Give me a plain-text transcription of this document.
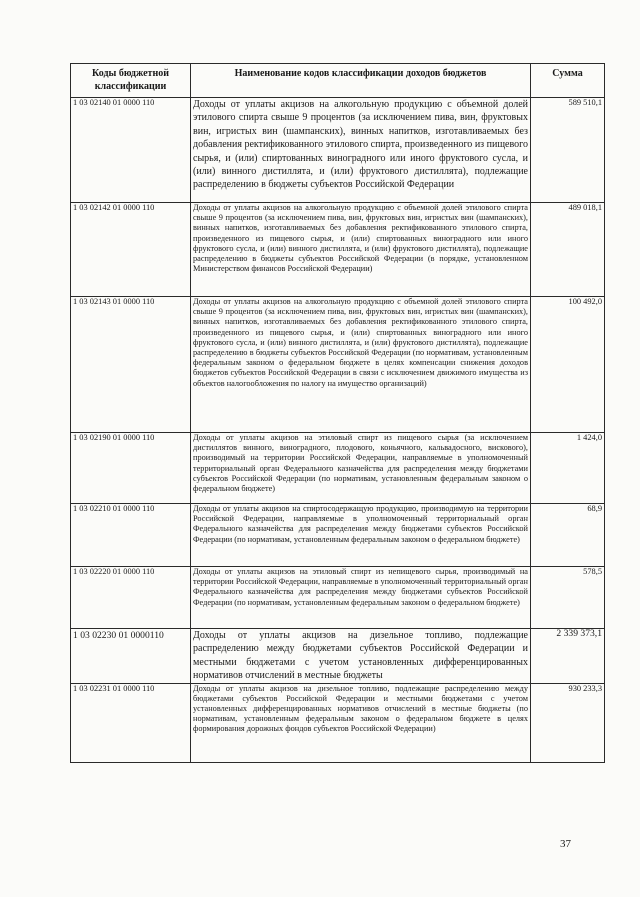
Коды бюджетной классификации	Наименование кодов классификации доходов бюджетов	Сумма
1 03 02140 01 0000 110	Доходы от уплаты акцизов на алкогольную продукцию с объемной долей этилового спирта свыше 9 процентов (за исключением пива, вин, фруктовых вин, игристых вин (шампанских), винных напитков, изготавливаемых без добавления ректификованного этилового спирта, произведенного из пищевого сырья, и (или) спиртованных виноградного или иного фруктового сусла, и (или) винного дистиллята, и (или) фруктового дистиллята), подлежащие распределению в бюджеты субъектов Российской Федерации	589 510,1
1 03 02142 01 0000 110	Доходы от уплаты акцизов на алкогольную продукцию с объемной долей этилового спирта свыше 9 процентов (за исключением пива, вин, фруктовых вин, игристых вин (шампанских), винных напитков, изготавливаемых без добавления ректификованного этилового спирта, произведенного из пищевого сырья, и (или) спиртованных виноградного или иного фруктового сусла, и (или) винного дистиллята, и (или) фруктового дистиллята), подлежащие распределению в бюджеты субъектов Российской Федерации (в порядке, установленном Министерством финансов Российской Федерации)	489 018,1
1 03 02143 01 0000 110	Доходы от уплаты акцизов на алкогольную продукцию с объемной долей этилового спирта свыше 9 процентов (за исключением пива, вин, фруктовых вин, игристых вин (шампанских), винных напитков, изготавливаемых без добавления ректификованного этилового спирта, произведенного из пищевого сырья, и (или) спиртованных виноградного или иного фруктового сусла, и (или) винного дистиллята, и (или) фруктового дистиллята), подлежащие распределению в бюджеты субъектов Российской Федерации (по нормативам, установленным федеральным законом о федеральном бюджете в целях компенсации снижения доходов бюджетов субъектов Российской Федерации в связи с исключением движимого имущества из объектов налогообложения по налогу на имущество организаций)	100 492,0
1 03 02190 01 0000 110	Доходы от уплаты акцизов на этиловый спирт из пищевого сырья (за исключением дистиллятов винного, виноградного, плодового, коньячного, кальвадосного, вискового), производимый на территории Российской Федерации, направляемые в уполномоченный территориальный орган Федерального казначейства для распределения между бюджетами субъектов Российской Федерации (по нормативам, установленным федеральным законом о федеральном бюджете)	1 424,0
1 03 02210 01 0000 110	Доходы от уплаты акцизов на спиртосодержащую продукцию, производимую на территории Российской Федерации, направляемые в уполномоченный территориальный орган Федерального казначейства для распределения между бюджетами субъектов Российской Федерации (по нормативам, установленным федеральным законом о федеральном бюджете)	68,9
1 03 02220 01 0000 110	Доходы от уплаты акцизов на этиловый спирт из непищевого сырья, производимый на территории Российской Федерации, направляемые в уполномоченный территориальный орган Федерального казначейства для распределения между бюджетами субъектов Российской Федерации (по нормативам, установленным федеральным законом о федеральном бюджете)	578,5
1 03 02230 01 0000110	Доходы от уплаты акцизов на дизельное топливо, подлежащие распределению между бюджетами субъектов Российской Федерации и местными бюджетами с учетом установленных дифференцированных нормативов отчислений в местные бюджеты	2 339 373,1
1 03 02231 01 0000 110	Доходы от уплаты акцизов на дизельное топливо, подлежащие распределению между бюджетами субъектов Российской Федерации и местными бюджетами с учетом установленных дифференцированных нормативов отчислений в местные бюджеты (по нормативам, установленным федеральным законом о федеральном бюджете в целях формирования дорожных фондов субъектов Российской Федерации)	930 233,3
37
